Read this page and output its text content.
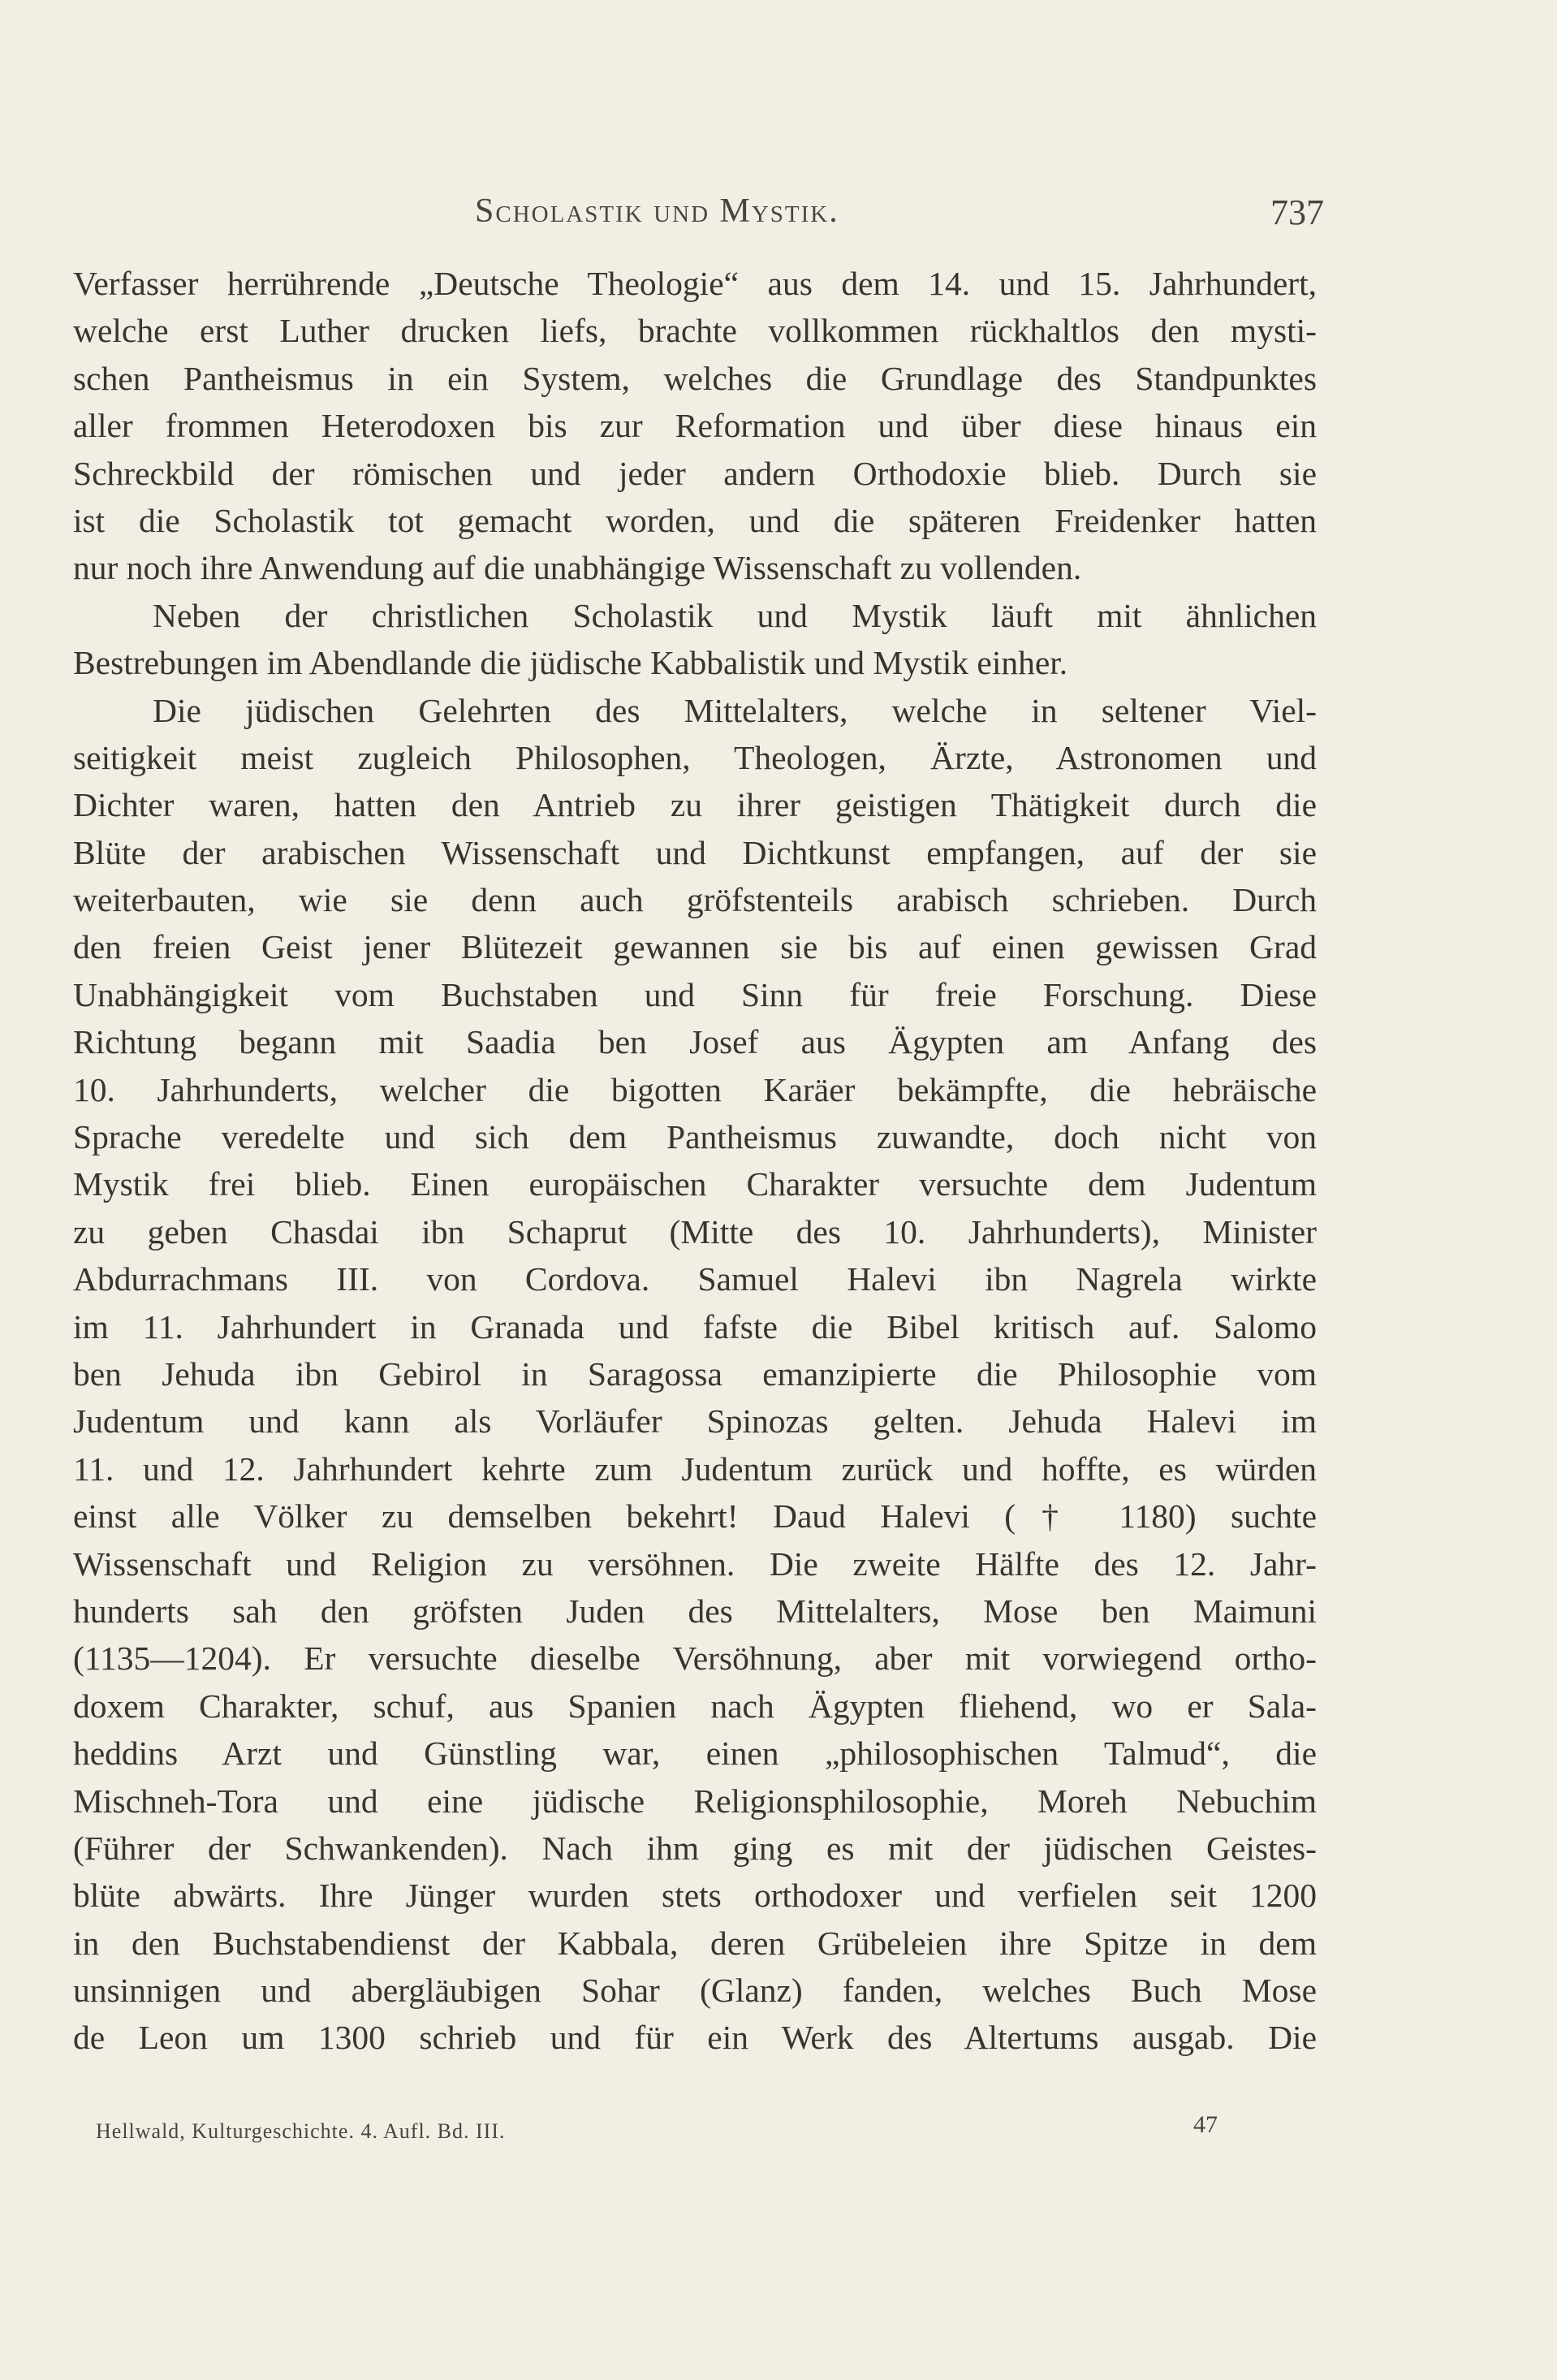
Scholastik und Mystik.	737
Verfasser herrührende „Deutsche Theologie“ aus dem 14. und 15. Jahrhundert,
welche erst Luther drucken liefs, brachte vollkommen rückhaltlos den mysti-
schen Pantheismus in ein System, welches die Grundlage des Standpunktes
aller frommen Heterodoxen bis zur Reformation und über diese hinaus ein
Schreckbild der römischen und jeder andern Orthodoxie blieb. Durch sie
ist die Scholastik tot gemacht worden, und die späteren Freidenker hatten
nur noch ihre Anwendung auf die unabhängige Wissenschaft zu vollenden.
Neben der christlichen Scholastik und Mystik läuft mit ähnlichen
Bestrebungen im Abendlande die jüdische Kabbalistik und Mystik einher.
Die jüdischen Gelehrten des Mittelalters, welche in seltener Viel-
seitigkeit meist zugleich Philosophen, Theologen, Ärzte, Astronomen und
Dichter waren, hatten den Antrieb zu ihrer geistigen Thätigkeit durch die
Blüte der arabischen Wissenschaft und Dichtkunst empfangen, auf der sie
weiterbauten, wie sie denn auch gröfstenteils arabisch schrieben. Durch
den freien Geist jener Blütezeit gewannen sie bis auf einen gewissen Grad
Unabhängigkeit vom Buchstaben und Sinn für freie Forschung. Diese
Richtung begann mit Saadia ben Josef aus Ägypten am Anfang des
10. Jahrhunderts, welcher die bigotten Karäer bekämpfte, die hebräische
Sprache veredelte und sich dem Pantheismus zuwandte, doch nicht von
Mystik frei blieb. Einen europäischen Charakter versuchte dem Judentum
zu geben Chasdai ibn Schaprut (Mitte des 10. Jahrhunderts), Minister
Abdurrachmans III. von Cordova. Samuel Halevi ibn Nagrela wirkte
im 11. Jahrhundert in Granada und fafste die Bibel kritisch auf. Salomo
ben Jehuda ibn Gebirol in Saragossa emanzipierte die Philosophie vom
Judentum und kann als Vorläufer Spinozas gelten. Jehuda Halevi im
11. und 12. Jahrhundert kehrte zum Judentum zurück und hoffte, es würden
einst alle Völker zu demselben bekehrt! Daud Halevi († 1180) suchte
Wissenschaft und Religion zu versöhnen. Die zweite Hälfte des 12. Jahr-
hunderts sah den gröfsten Juden des Mittelalters, Mose ben Maimuni
(1135—1204). Er versuchte dieselbe Versöhnung, aber mit vorwiegend ortho-
doxem Charakter, schuf, aus Spanien nach Ägypten fliehend, wo er Sala-
heddins Arzt und Günstling war, einen „philosophischen Talmud“, die
Mischneh-Tora und eine jüdische Religionsphilosophie, Moreh Nebuchim
(Führer der Schwankenden). Nach ihm ging es mit der jüdischen Geistes-
blüte abwärts. Ihre Jünger wurden stets orthodoxer und verfielen seit 1200
in den Buchstabendienst der Kabbala, deren Grübeleien ihre Spitze in dem
unsinnigen und abergläubigen Sohar (Glanz) fanden, welches Buch Mose
de Leon um 1300 schrieb und für ein Werk des Altertums ausgab. Die
Hellwald, Kulturgeschichte. 4. Aufl. Bd. III.	47
